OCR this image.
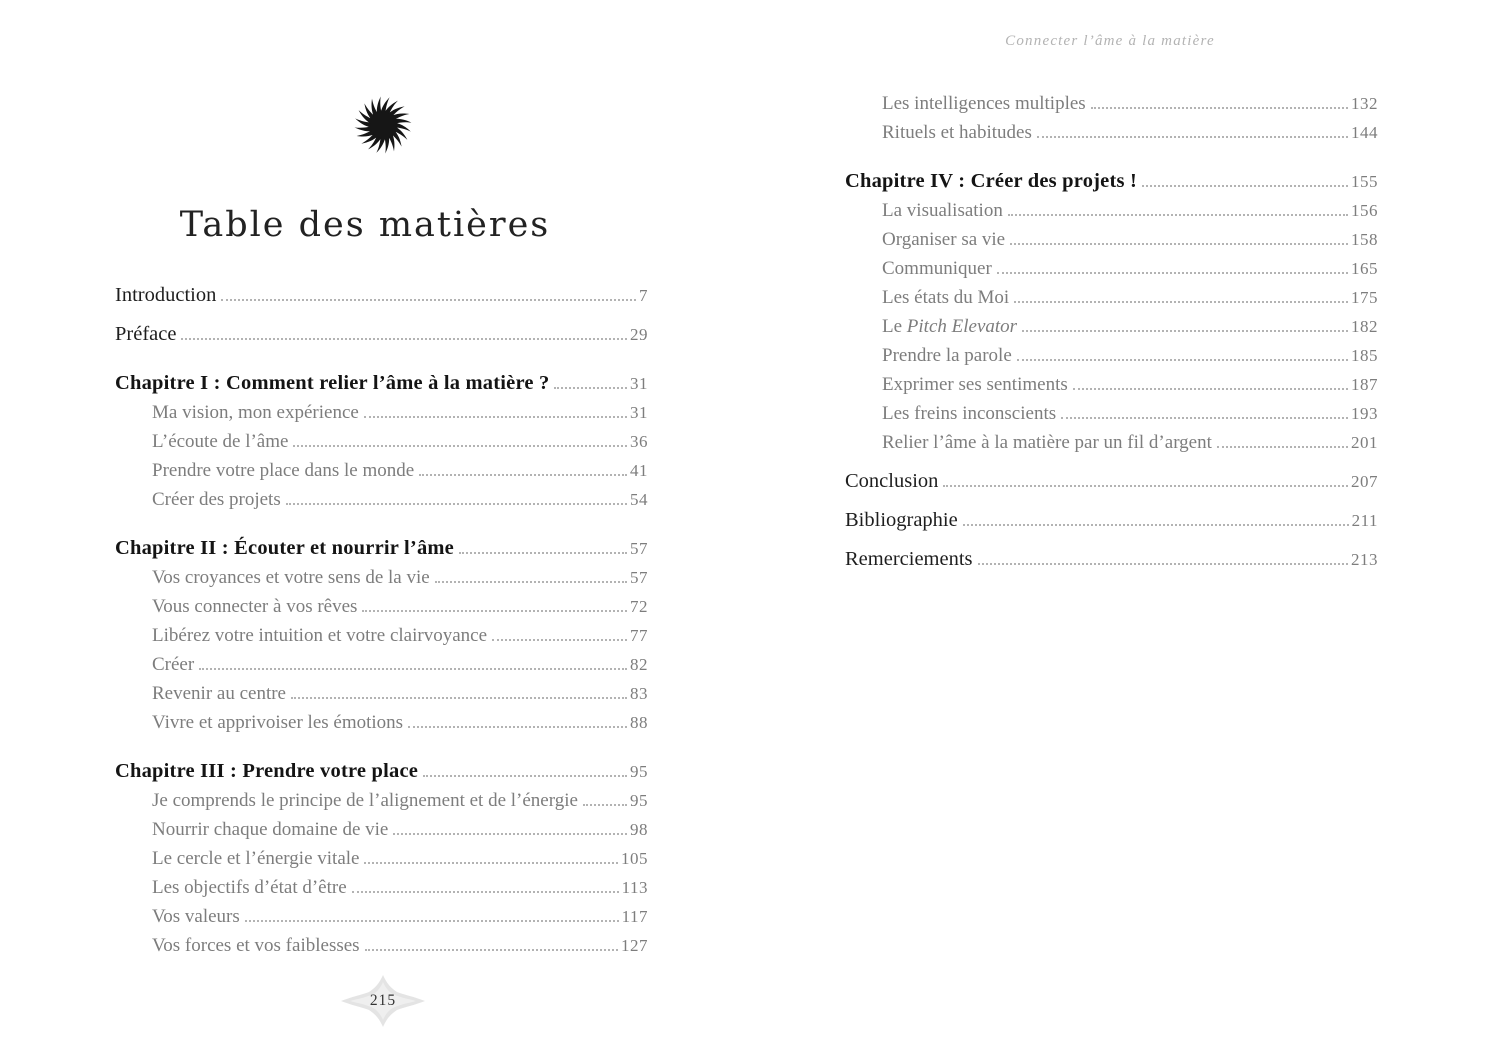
Table des matières
Introduction	7
Préface	29
Chapitre I : Comment relier l’âme à la matière ?	31
Ma vision, mon expérience	31
L’écoute de l’âme	36
Prendre votre place dans le monde	41
Créer des projets	54
Chapitre II : Écouter et nourrir l’âme	57
Vos croyances et votre sens de la vie	57
Vous connecter à vos rêves	72
Libérez votre intuition et votre clairvoyance	77
Créer	82
Revenir au centre	83
Vivre et apprivoiser les émotions	88
Chapitre III : Prendre votre place	95
Je comprends le principe de l’alignement et de l’énergie	95
Nourrir chaque domaine de vie	98
Le cercle et l’énergie vitale	105
Les objectifs d’état d’être	113
Vos valeurs	117
Vos forces et vos faiblesses	127
215
Connecter l’âme à la matière
Les intelligences multiples	132
Rituels et habitudes	144
Chapitre IV : Créer des projets !	155
La visualisation	156
Organiser sa vie	158
Communiquer	165
Les états du Moi	175
Le Pitch Elevator	182
Prendre la parole	185
Exprimer ses sentiments	187
Les freins inconscients	193
Relier l’âme à la matière par un fil d’argent	201
Conclusion	207
Bibliographie	211
Remerciements	213
